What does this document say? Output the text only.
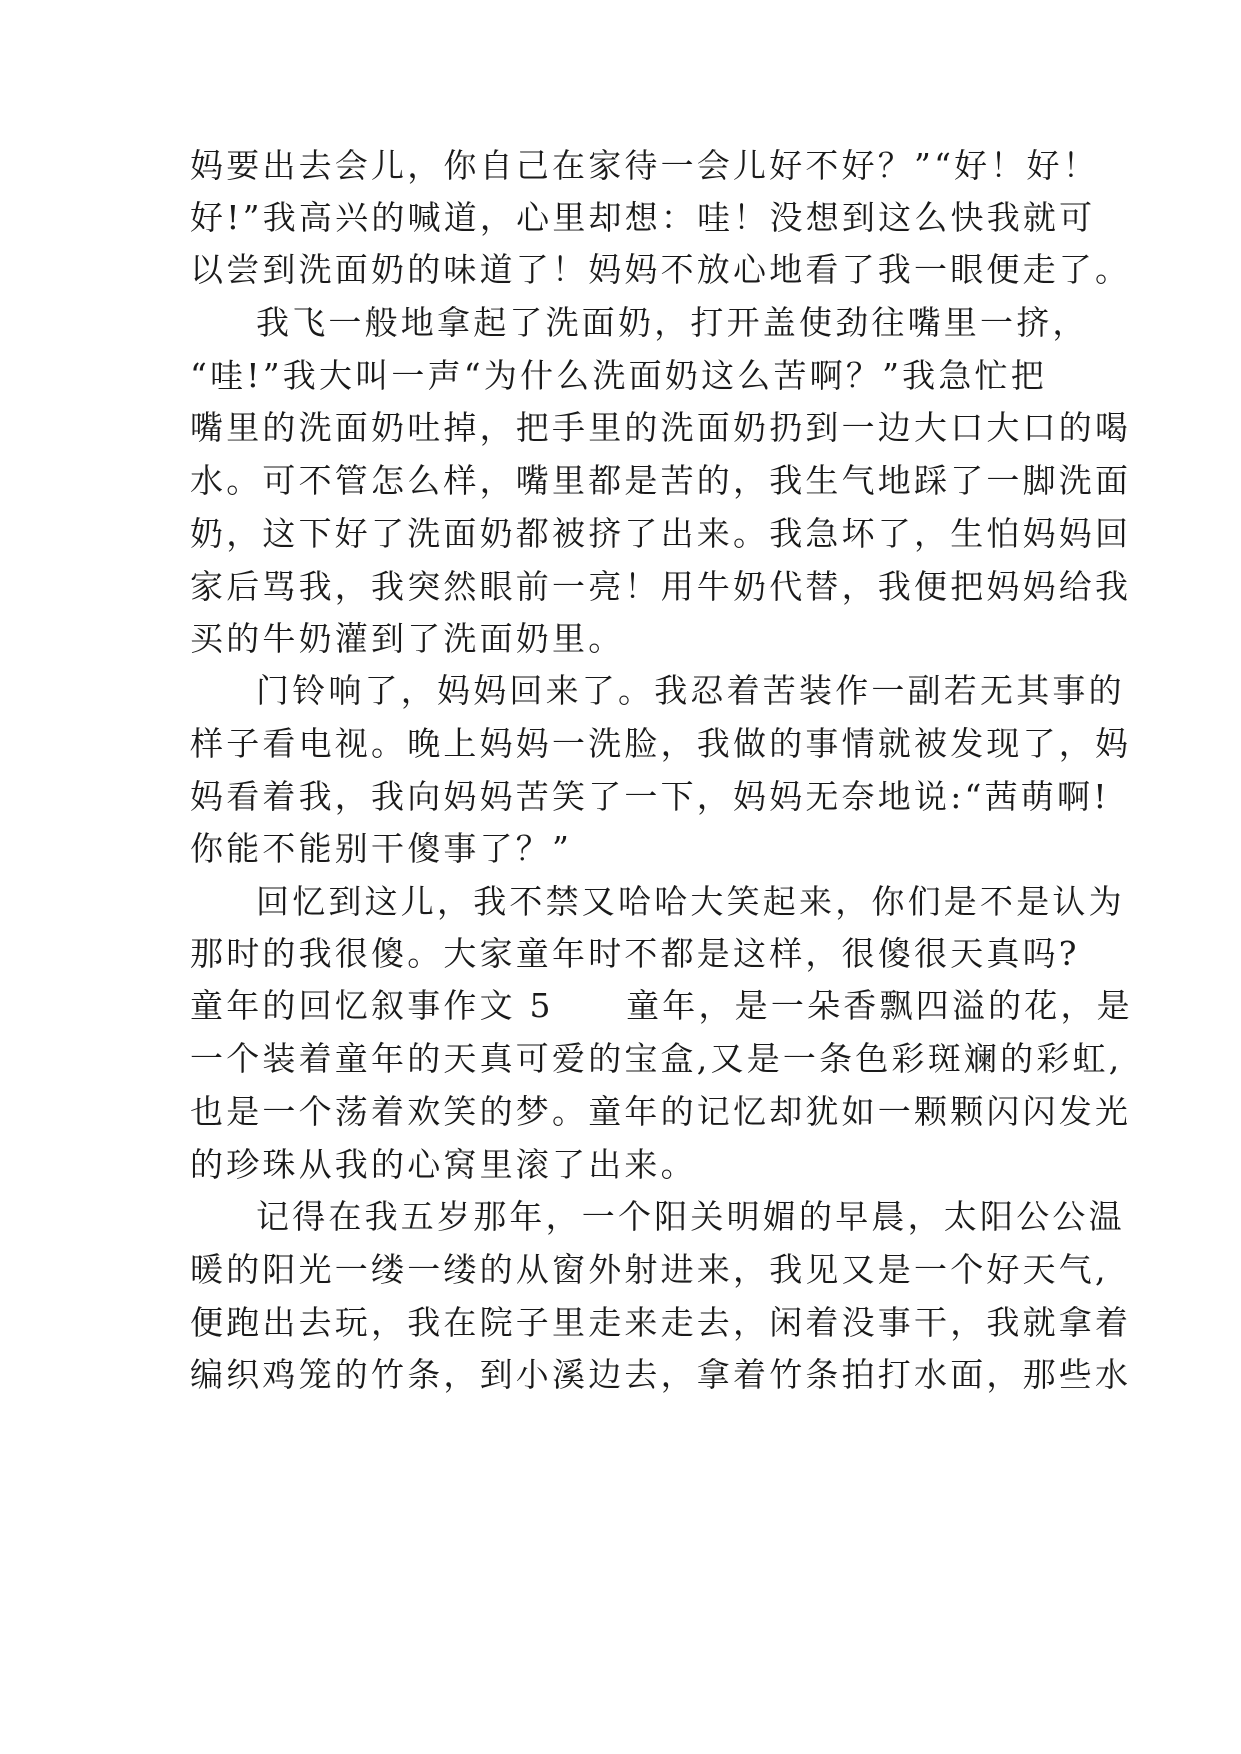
妈要出去会儿，你自己在家待一会儿好不好？”“好！好！
好!”我高兴的喊道，心里却想：哇！没想到这么快我就可
以尝到洗面奶的味道了！妈妈不放心地看了我一眼便走了。
我飞一般地拿起了洗面奶，打开盖使劲往嘴里一挤，
“哇!”我大叫一声“为什么洗面奶这么苦啊？”我急忙把
嘴里的洗面奶吐掉，把手里的洗面奶扔到一边大口大口的喝
水。可不管怎么样，嘴里都是苦的，我生气地踩了一脚洗面
奶，这下好了洗面奶都被挤了出来。我急坏了，生怕妈妈回
家后骂我，我突然眼前一亮！用牛奶代替，我便把妈妈给我
买的牛奶灌到了洗面奶里。
门铃响了，妈妈回来了。我忍着苦装作一副若无其事的
样子看电视。晚上妈妈一洗脸，我做的事情就被发现了，妈
妈看着我，我向妈妈苦笑了一下，妈妈无奈地说:“茜萌啊!
你能不能别干傻事了？”
回忆到这儿，我不禁又哈哈大笑起来，你们是不是认为
那时的我很傻。大家童年时不都是这样，很傻很天真吗?
童年的回忆叙事作文 5　　童年，是一朵香飘四溢的花，是
一个装着童年的天真可爱的宝盒,又是一条色彩斑斓的彩虹,
也是一个荡着欢笑的梦。童年的记忆却犹如一颗颗闪闪发光
的珍珠从我的心窝里滚了出来。
记得在我五岁那年，一个阳关明媚的早晨，太阳公公温
暖的阳光一缕一缕的从窗外射进来，我见又是一个好天气,
便跑出去玩，我在院子里走来走去，闲着没事干，我就拿着
编织鸡笼的竹条，到小溪边去，拿着竹条拍打水面，那些水
